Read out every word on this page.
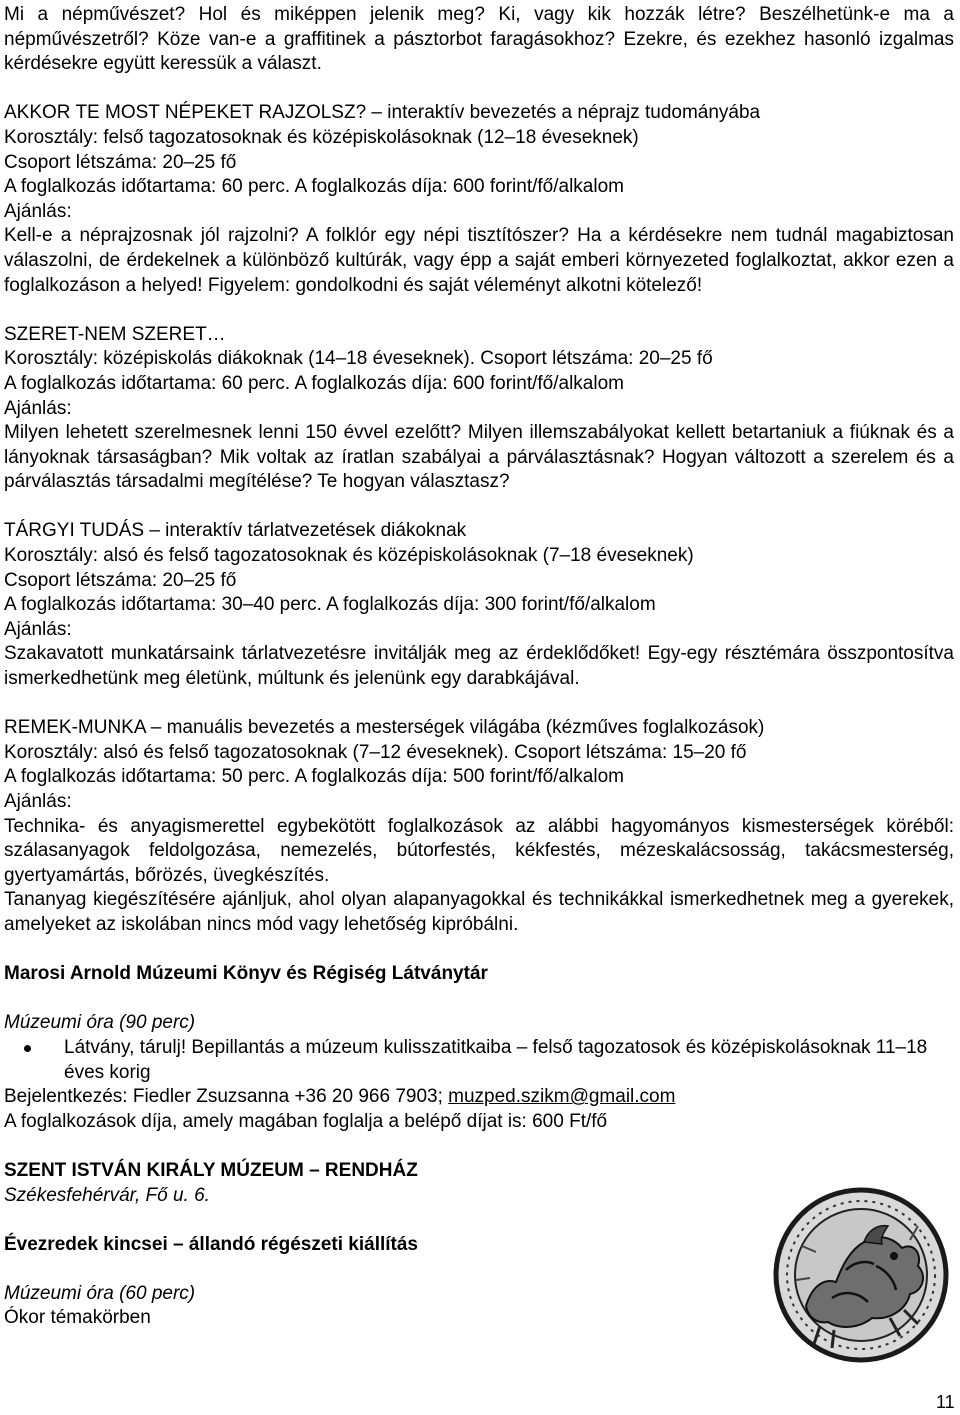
Mi a népművészet? Hol és miképpen jelenik meg? Ki, vagy kik hozzák létre? Beszélhetünk-e ma a népművészetről? Köze van-e a graffitinek a pásztorbot faragásokhoz? Ezekre, és ezekhez hasonló izgalmas kérdésekre együtt keressük a választ.

AKKOR TE MOST NÉPEKET RAJZOLSZ? – interaktív bevezetés a néprajz tudományába

Korosztály: felső tagozatosoknak és középiskolásoknak (12–18 éveseknek)

Csoport létszáma: 20–25 fő

A foglalkozás időtartama: 60 perc. A foglalkozás díja: 600 forint/fő/alkalom

Ajánlás:

Kell-e a néprajzosnak jól rajzolni? A folklór egy népi tisztítószer? Ha a kérdésekre nem tudnál magabiztosan válaszolni, de érdekelnek a különböző kultúrák, vagy épp a saját emberi környezeted foglalkoztat, akkor ezen a foglalkozáson a helyed! Figyelem: gondolkodni és saját véleményt alkotni kötelező!

SZERET-NEM SZERET…

Korosztály: középiskolás diákoknak (14–18 éveseknek). Csoport létszáma: 20–25 fő

A foglalkozás időtartama: 60 perc. A foglalkozás díja: 600 forint/fő/alkalom

Ajánlás:

Milyen lehetett szerelmesnek lenni 150 évvel ezelőtt? Milyen illemszabályokat kellett betartaniuk a fiúknak és a lányoknak társaságban? Mik voltak az íratlan szabályai a párválasztásnak? Hogyan változott a szerelem és a párválasztás társadalmi megítélése? Te hogyan választasz?

TÁRGYI TUDÁS – interaktív tárlatvezetések diákoknak

Korosztály: alsó és felső tagozatosoknak és középiskolásoknak (7–18 éveseknek)

Csoport létszáma: 20–25 fő

A foglalkozás időtartama: 30–40 perc. A foglalkozás díja: 300 forint/fő/alkalom

Ajánlás:

Szakavatott munkatársaink tárlatvezetésre invitálják meg az érdeklődőket! Egy-egy résztémára összpontosítva ismerkedhetünk meg életünk, múltunk és jelenünk egy darabkájával.

REMEK-MUNKA – manuális bevezetés a mesterségek világába (kézműves foglalkozások)

Korosztály: alsó és felső tagozatosoknak (7–12 éveseknek). Csoport létszáma: 15–20 fő

A foglalkozás időtartama: 50 perc. A foglalkozás díja: 500 forint/fő/alkalom

Ajánlás:

Technika- és anyagismerettel egybekötött foglalkozások az alábbi hagyományos kismesterségek köréből: szálasanyagok feldolgozása, nemezelés, bútorfestés, kékfestés, mézeskalácsosság, takácsmesterség, gyertyamártás, bőrözés, üvegkészítés.

Tananyag kiegészítésére ajánljuk, ahol olyan alapanyagokkal és technikákkal ismerkedhetnek meg a gyerekek, amelyeket az iskolában nincs mód vagy lehetőség kipróbálni.

Marosi Arnold Múzeumi Könyv és Régiség Látványtár

Múzeumi óra (90 perc)

Látvány, tárulj! Bepillantás a múzeum kulisszatitkaiba – felső tagozatosok és középiskolásoknak 11–18 éves korig

Bejelentkezés: Fiedler Zsuzsanna +36 20 966 7903; muzped.szikm@gmail.com

A foglalkozások díja, amely magában foglalja a belépő díjat is: 600 Ft/fő

SZENT ISTVÁN KIRÁLY MÚZEUM – RENDHÁZ

Székesfehérvár, Fő u. 6.

Évezredek kincsei – állandó régészeti kiállítás

Múzeumi óra (60 perc)

Ókor témakörben

11
